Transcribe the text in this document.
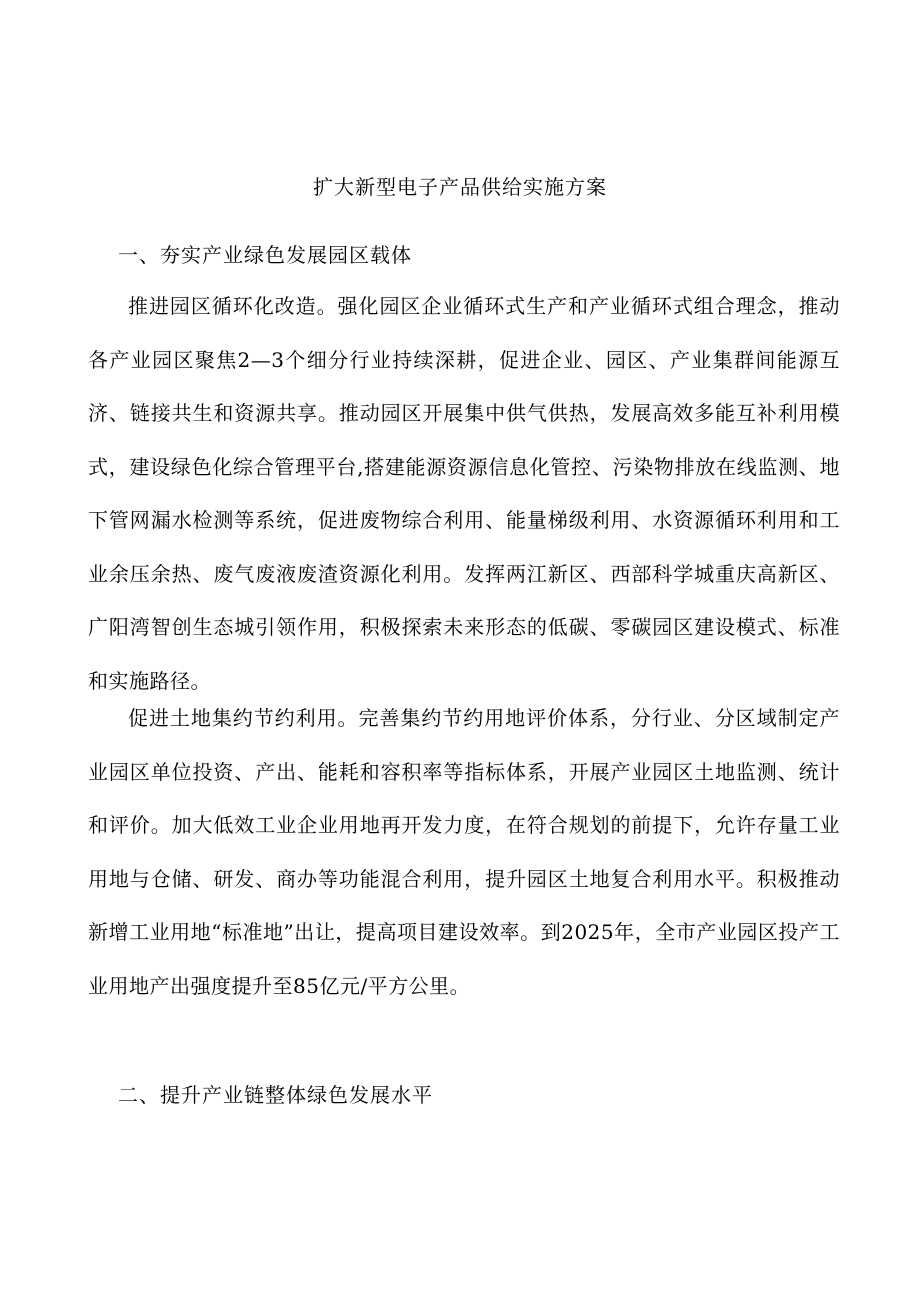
扩大新型电子产品供给实施方案
一、夯实产业绿色发展园区载体

推进园区循环化改造。强化园区企业循环式生产和产业循环式组合理念，推动各产业园区聚焦2—3个细分行业持续深耕，促进企业、园区、产业集群间能源互济、链接共生和资源共享。推动园区开展集中供气供热，发展高效多能互补利用模式，建设绿色化综合管理平台,搭建能源资源信息化管控、污染物排放在线监测、地下管网漏水检测等系统，促进废物综合利用、能量梯级利用、水资源循环利用和工业余压余热、废气废液废渣资源化利用。发挥两江新区、西部科学城重庆高新区、广阳湾智创生态城引领作用，积极探索未来形态的低碳、零碳园区建设模式、标准和实施路径。

促进土地集约节约利用。完善集约节约用地评价体系，分行业、分区域制定产业园区单位投资、产出、能耗和容积率等指标体系，开展产业园区土地监测、统计和评价。加大低效工业企业用地再开发力度，在符合规划的前提下，允许存量工业用地与仓储、研发、商办等功能混合利用，提升园区土地复合利用水平。积极推动新增工业用地“标准地”出让，提高项目建设效率。到2025年，全市产业园区投产工业用地产出强度提升至85亿元/平方公里。

二、提升产业链整体绿色发展水平
